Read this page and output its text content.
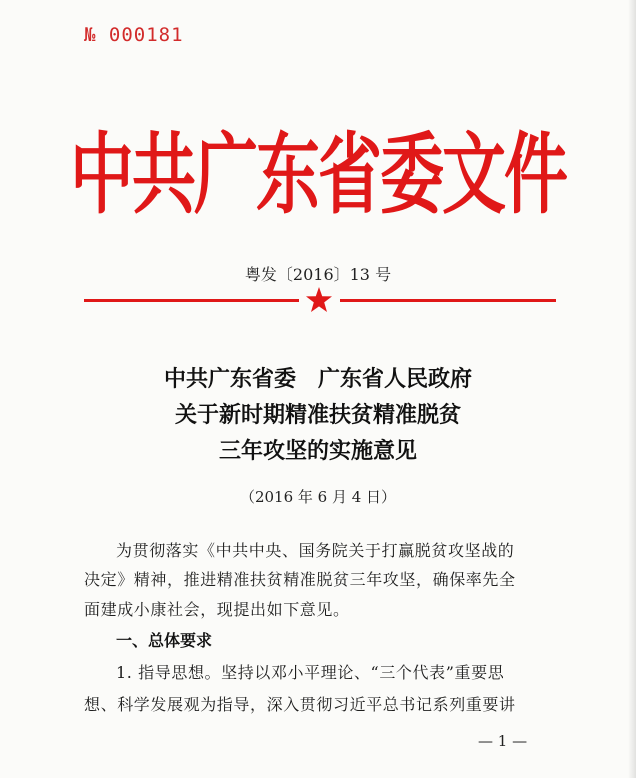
№ 000181
中共广东省委文件
粤发〔2016〕13 号
中共广东省委　广东省人民政府
关于新时期精准扶贫精准脱贫
三年攻坚的实施意见
（2016 年 6 月 4 日）
为贯彻落实《中共中央、国务院关于打赢脱贫攻坚战的
决定》精神，推进精准扶贫精准脱贫三年攻坚，确保率先全
面建成小康社会，现提出如下意见。
一、总体要求
1. 指导思想。坚持以邓小平理论、“三个代表”重要思
想、科学发展观为指导，深入贯彻习近平总书记系列重要讲
— 1 —
